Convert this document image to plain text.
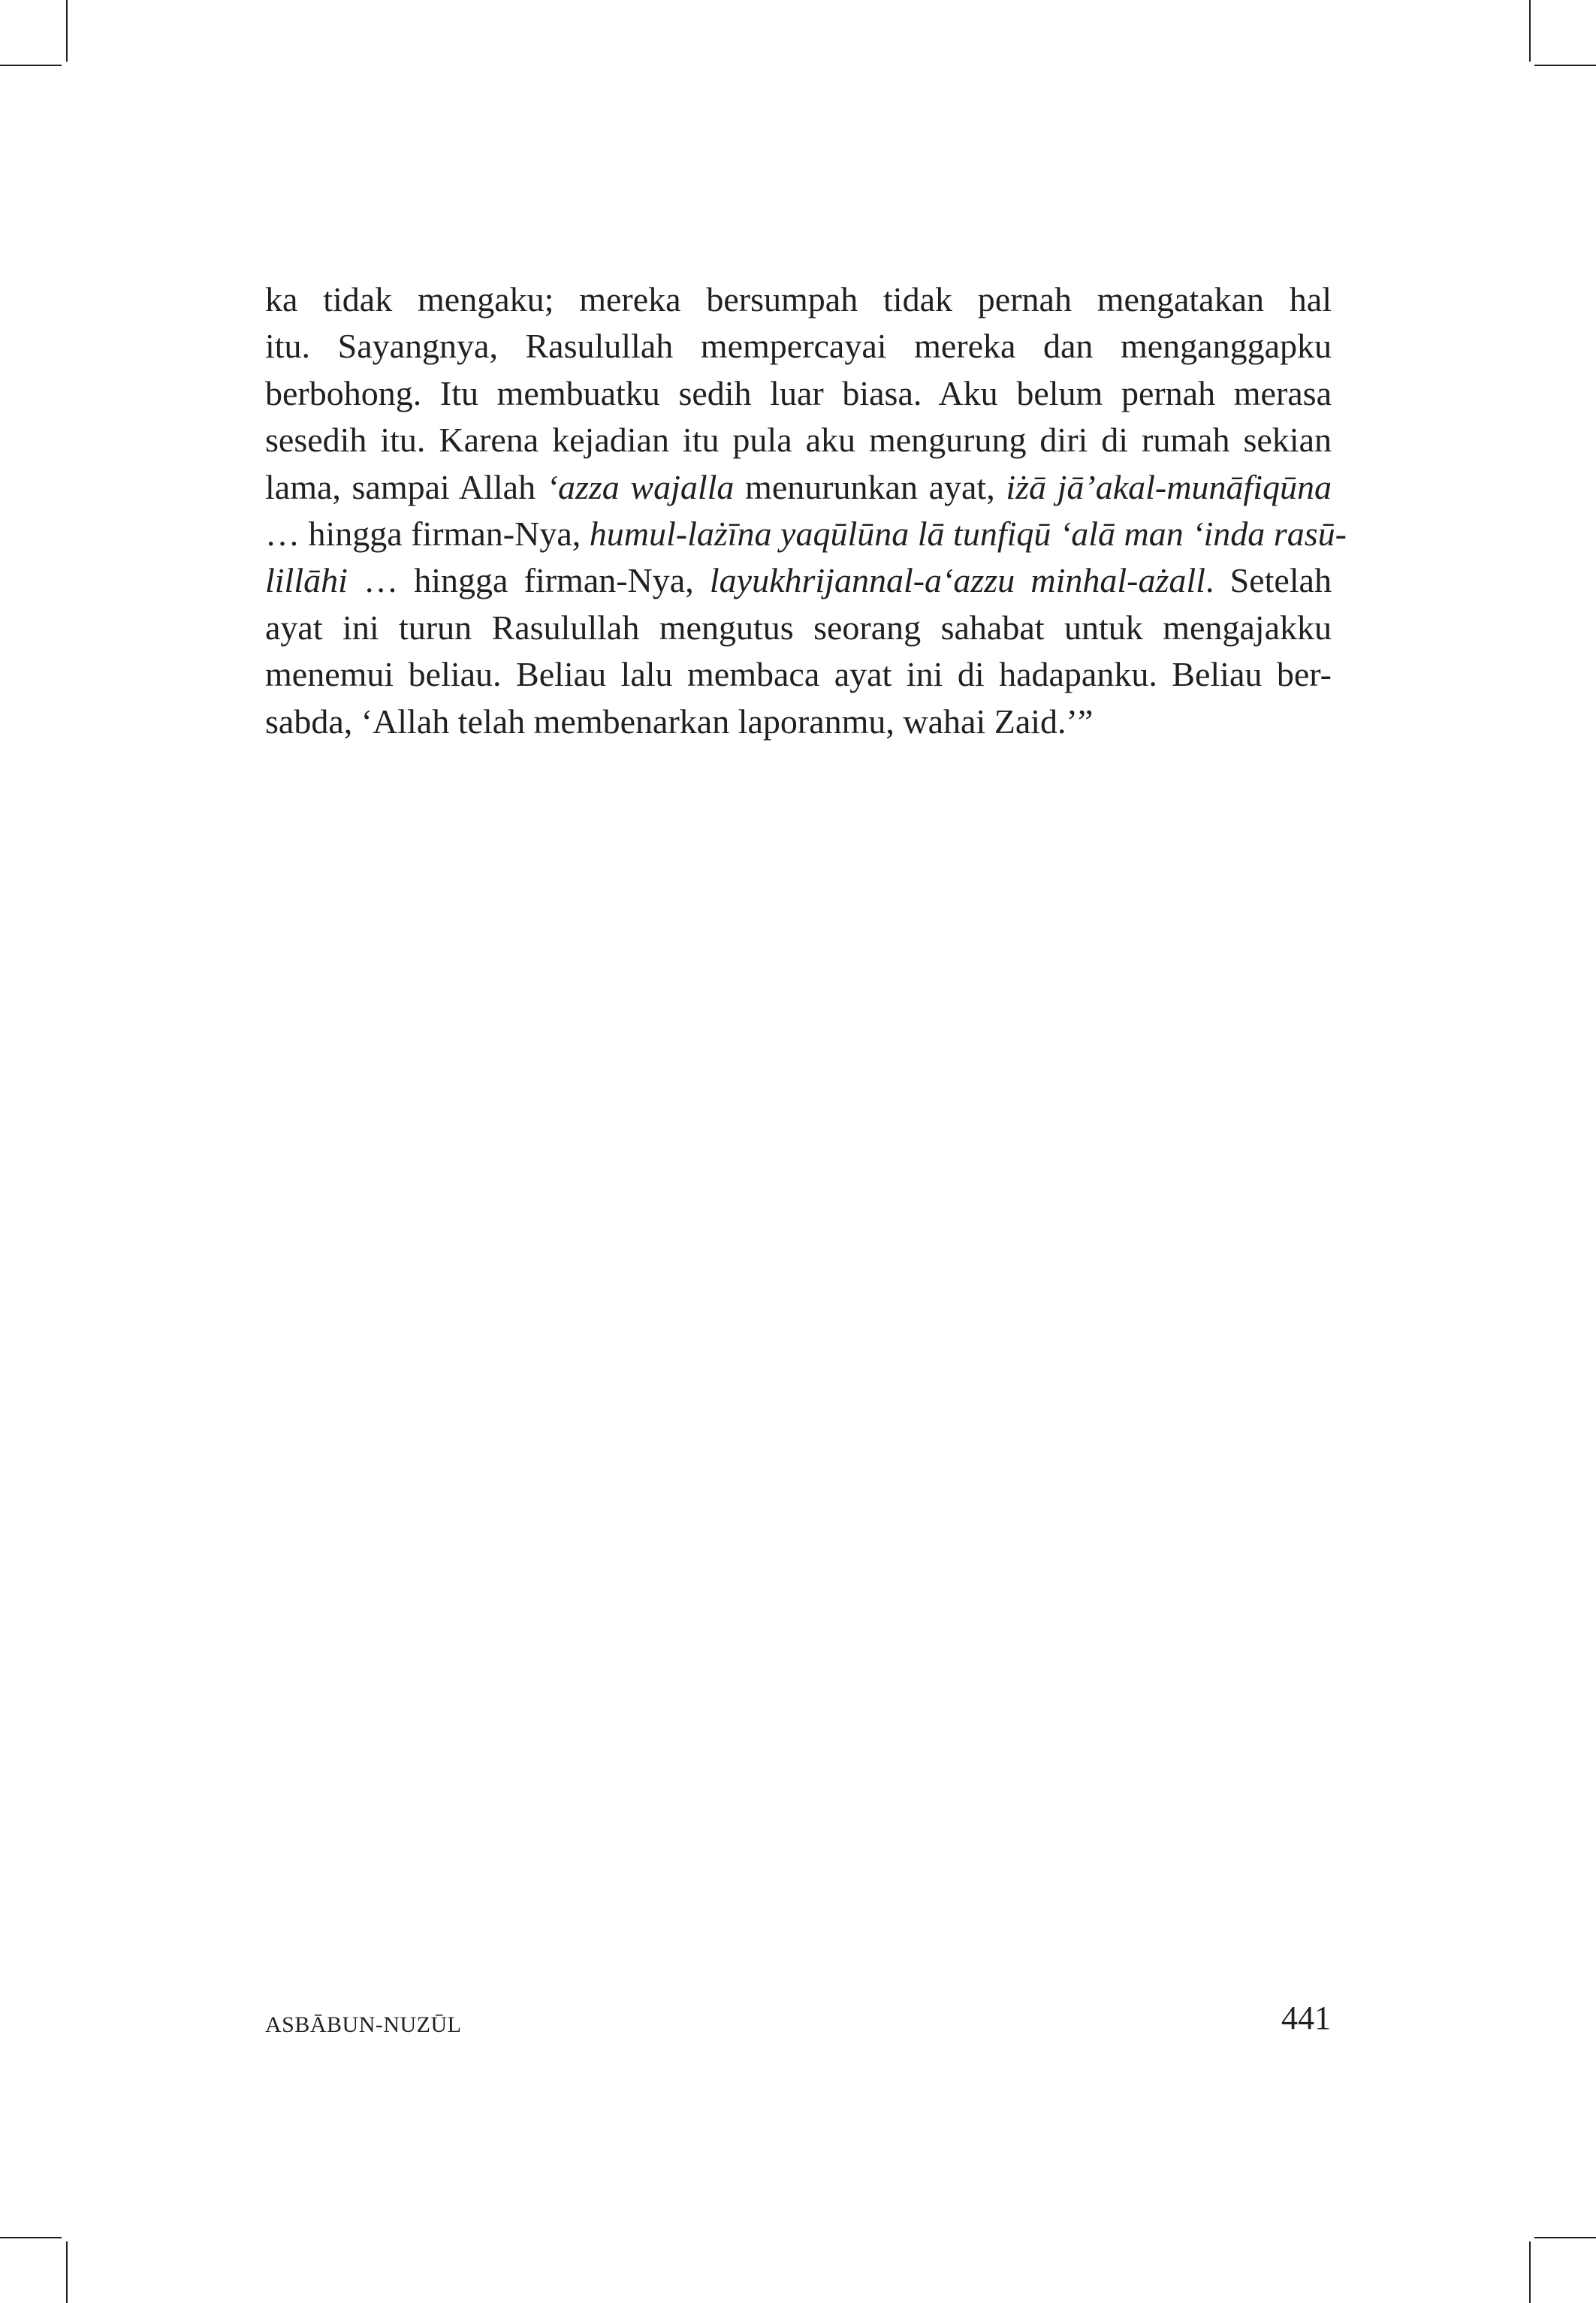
ka tidak mengaku; mereka bersumpah tidak pernah mengatakan hal
itu. Sayangnya, Rasulullah mempercayai mereka dan menganggapku
berbohong. Itu membuatku sedih luar biasa. Aku belum pernah merasa
sesedih itu. Karena kejadian itu pula aku mengurung diri di rumah sekian
lama, sampai Allah ‘azza wajalla menurunkan ayat, iżā jā’akal-munāfiqūna
… hingga firman-Nya, humul-lażīna yaqūlūna lā tunfiqū ‘alā man ‘inda rasū-
lillāhi … hingga firman-Nya, layukhrijannal-a‘azzu minhal-ażall. Setelah
ayat ini turun Rasulullah mengutus seorang sahabat untuk mengajakku
menemui beliau. Beliau lalu membaca ayat ini di hadapanku. Beliau ber-
sabda, ‘Allah telah membenarkan laporanmu, wahai Zaid.’”
ASBĀBUN-NUZŪL	441
